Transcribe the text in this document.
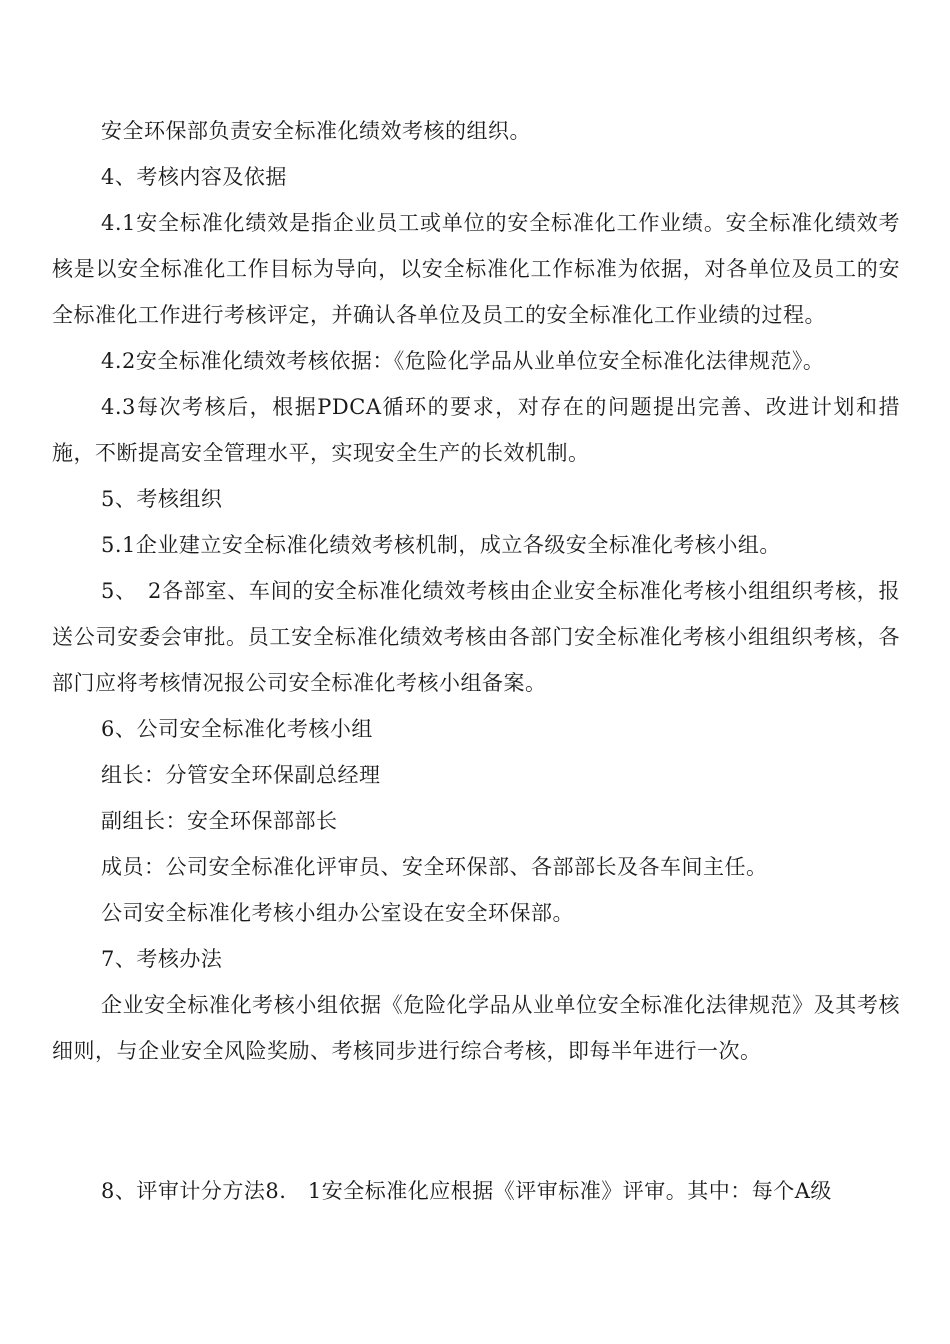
安全环保部负责安全标准化绩效考核的组织。

4、考核内容及依据

4.1安全标准化绩效是指企业员工或单位的安全标准化工作业绩。安全标准化绩效考核是以安全标准化工作目标为导向，以安全标准化工作标准为依据，对各单位及员工的安全标准化工作进行考核评定，并确认各单位及员工的安全标准化工作业绩的过程。

4.2安全标准化绩效考核依据：《危险化学品从业单位安全标准化法律规范》。

4.3每次考核后，根据PDCA循环的要求，对存在的问题提出完善、改进计划和措施，不断提高安全管理水平，实现安全生产的长效机制。

5、考核组织

5.1企业建立安全标准化绩效考核机制，成立各级安全标准化考核小组。

5、　2各部室、车间的安全标准化绩效考核由企业安全标准化考核小组组织考核，报送公司安委会审批。员工安全标准化绩效考核由各部门安全标准化考核小组组织考核，各部门应将考核情况报公司安全标准化考核小组备案。

6、公司安全标准化考核小组

组长：分管安全环保副总经理

副组长：安全环保部部长

成员：公司安全标准化评审员、安全环保部、各部部长及各车间主任。

公司安全标准化考核小组办公室设在安全环保部。

7、考核办法

企业安全标准化考核小组依据《危险化学品从业单位安全标准化法律规范》及其考核细则，与企业安全风险奖励、考核同步进行综合考核，即每半年进行一次。

8、评审计分方法8.　1安全标准化应根据《评审标准》评审。其中：每个A级
